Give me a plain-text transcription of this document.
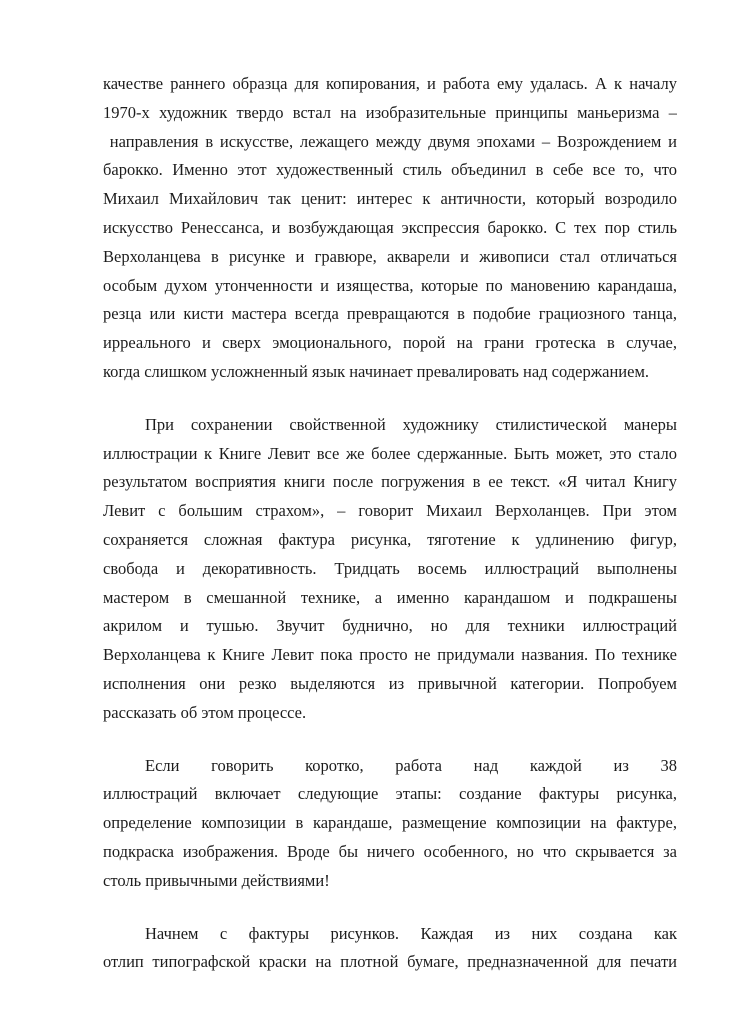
качестве раннего образца для копирования, и работа ему удалась. А к началу
1970-х художник твердо встал на изобразительные принципы маньеризма –
направления в искусстве, лежащего между двумя эпохами – Возрождением и
барокко. Именно этот художественный стиль объединил в себе все то, что
Михаил Михайлович так ценит: интерес к античности, который возродило
искусство Ренессанса, и возбуждающая экспрессия барокко. С тех пор стиль
Верхоланцева в рисунке и гравюре, акварели и живописи стал отличаться
особым духом утонченности и изящества, которые по мановению карандаша,
резца или кисти мастера всегда превращаются в подобие грациозного танца,
ирреального и сверх эмоционального, порой на грани гротеска в случае,
когда слишком усложненный язык начинает превалировать над содержанием.
При сохранении свойственной художнику стилистической манеры
иллюстрации к Книге Левит все же более сдержанные. Быть может, это стало
результатом восприятия книги после погружения в ее текст. «Я читал Книгу
Левит с большим страхом», – говорит Михаил Верхоланцев. При этом
сохраняется сложная фактура рисунка, тяготение к удлинению фигур,
свобода и декоративность. Тридцать восемь иллюстраций выполнены
мастером в смешанной технике, а именно карандашом и подкрашены
акрилом и тушью. Звучит буднично, но для техники иллюстраций
Верхоланцева к Книге Левит пока просто не придумали названия. По технике
исполнения они резко выделяются из привычной категории. Попробуем
рассказать об этом процессе.
Если говорить коротко, работа над каждой из 38
иллюстраций включает следующие этапы: создание фактуры рисунка,
определение композиции в карандаше, размещение композиции на фактуре,
подкраска изображения. Вроде бы ничего особенного, но что скрывается за
столь привычными действиями!
Начнем с фактуры рисунков. Каждая из них создана как
отлип типографской краски на плотной бумаге, предназначенной для печати
